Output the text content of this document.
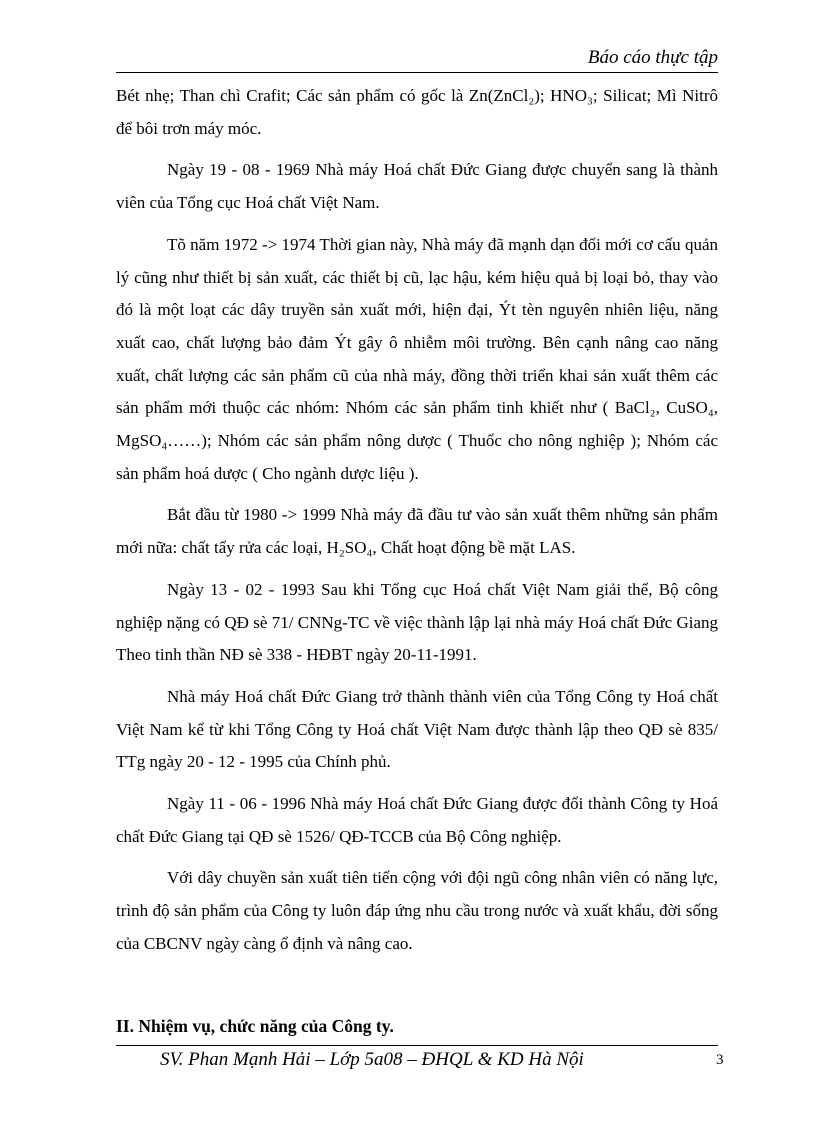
Báo cáo thực tập

Bét nhẹ; Than chì Crafit; Các sản phẩm có gốc là Zn(ZnCl₂); HNO₃; Silicat; Mì Nitrô để bôi trơn máy móc.

Ngày 19 - 08 - 1969 Nhà máy Hoá chất Đức Giang được chuyển sang là thành viên của Tổng cục Hoá chất Việt Nam.

Tõ năm 1972 -> 1974 Thời gian này, Nhà máy đã mạnh dạn đổi mới cơ cấu quản lý cũng như thiết bị sản xuất, các thiết bị cũ, lạc hậu, kém hiệu quả bị loại bỏ, thay vào đó là một loạt các dây truyền sản xuất mới, hiện đại, Ýt tèn nguyên nhiên liệu, năng xuất cao, chất lượng bảo đảm Ýt gây ô nhiễm môi trường. Bên cạnh nâng cao năng xuất, chất lượng các sản phẩm cũ của nhà máy, đồng thời triển khai sản xuất thêm các sản phẩm mới thuộc các nhóm: Nhóm các sản phẩm tinh khiết như ( BaCl₂, CuSO₄, MgSO₄……); Nhóm các sản phẩm nông dược ( Thuốc cho nông nghiệp ); Nhóm các sản phẩm hoá dược ( Cho ngành dược liệu ).

Bắt đầu từ 1980 -> 1999 Nhà máy đã đầu tư vào sản xuất thêm những sản phẩm mới nữa: chất tẩy rửa các loại, H₂SO₄, Chất hoạt động bề mặt LAS.

Ngày 13 - 02 - 1993 Sau khi Tổng cục Hoá chất Việt Nam giải thể, Bộ công nghiệp nặng có QĐ sè 71/ CNNg-TC về việc thành lập lại nhà máy Hoá chất Đức Giang Theo tinh thần NĐ sè 338 - HĐBT ngày 20-11-1991.

Nhà máy Hoá chất Đức Giang trở thành thành viên của Tổng Công ty Hoá chất Việt Nam kể từ khi Tổng Công ty Hoá chất Việt Nam được thành lập theo QĐ sè 835/ TTg ngày 20 - 12 - 1995 của Chính phủ.

Ngày 11 - 06 - 1996 Nhà máy Hoá chất Đức Giang được đổi thành Công ty Hoá chất Đức Giang tại QĐ sè 1526/ QĐ-TCCB của Bộ Công nghiệp.

Với dây chuyền sản xuất tiên tiến cộng với đội ngũ công nhân viên có năng lực, trình độ sản phẩm của Công ty luôn đáp ứng nhu cầu trong nước và xuất khẩu, đời sống của CBCNV ngày càng ổ định và nâng cao.

II. Nhiệm vụ, chức năng của Công ty.
SV. Phan Mạnh Hải – Lớp 5a08 – ĐHQL & KD Hà Nội	3
